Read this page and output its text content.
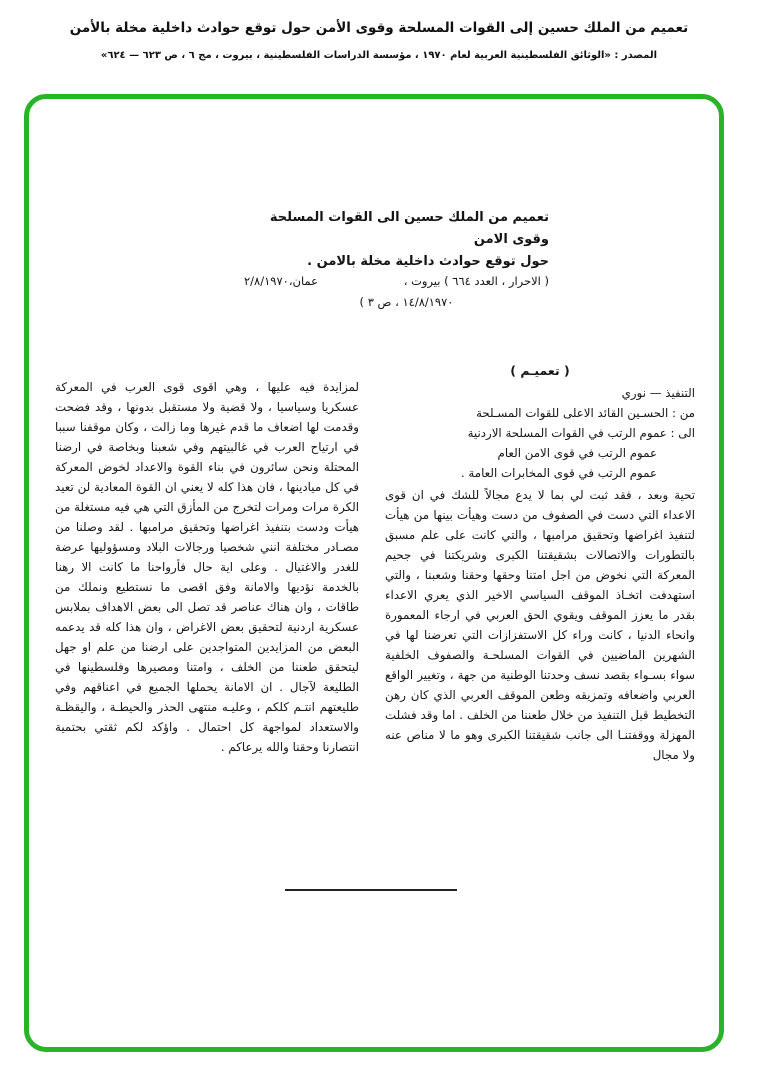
تعميم من الملك حسين إلى القوات المسلحة وقوى الأمن حول توقع حوادث داخلية مخلة بالأمن
المصدر : «الوثائق الفلسطينية العربية لعام ١٩٧٠ ، مؤسسة الدراسات الفلسطينية ، بيروت ، مج ٦ ، ص ٦٢٣ — ٦٢٤»
تعميم من الملك حسين الى القوات المسلحة وقوى الامن
حول توقع حوادث داخلية مخلة بالامن .
عمان،٢/٨/١٩٧٠	( الاحرار ، العدد ٦٦٤ ) بيروت ،
١٤/٨/١٩٧٠ ، ص ٣ )
( تعميـم )
التنفيذ — نوري
من : الحسـين القائد الاعلى للقوات المسـلحة
الى : عموم الرتب في القوات المسلحة الاردنية
عموم الرتب في قوى الامن العام
عموم الرتب في قوى المخابرات العامة .
تحية وبعد ، فقد ثبت لي بما لا يدع مجالاً للشك في ان قوى الاعداء التي دست في الصفوف من دست وهيأت بينها من هيأت لتنفيذ اغراضها وتحقيق مرامبها ، والتي كانت على علم مسبق بالتطورات والاتصالات بشقيقتنا الكبرى وشريكتنا في جحيم المعركة التي نخوض من اجل امتنا وحقها وحقنا وشعبنا ، والتي استهدفت اتخـاذ الموقف السياسي الاخير الذي يعري الاعداء بقدر ما يعزز الموقف ويقوي الحق العربي في ارجاء المعمورة وانحاء الدنيا ، كانت وراء كل الاستفزازات التي تعرضنا لها في الشهرين الماضيين في القوات المسلحـة والصفوف الخلفية سواء بسـواء بقصد نسف وحدتنا الوطنية من جهة ، وتغيير الواقع العربي واضعافه وتمزيقه وطعن الموقف العربي الذي كان رهن التخطيط قبل التنفيذ من خلال طعننا من الخلف . اما وقد فشلت المهزلة ووقفتنـا الى جانب شقيقتنا الكبرى وهو ما لا مناص عنه ولا مجال
لمزايدة فيه عليها ، وهي اقوى قوى العرب في المعركة عسكريا وسياسيا ، ولا قضية ولا مستقبل بدونها ، وقد فضحت وقدمت لها اضعاف ما قدم غيرها وما زالت ، وكان موقفنا سببا في ارتياح العرب في غالبيتهم وفي شعبنا وبخاصة في ارضنا المحتلة ونحن سائرون في بناء القوة والاعداد لخوض المعركة في كل ميادينها ، فان هذا كله لا يعني ان القوة المعادية لن تعيد الكرة مرات ومرات لتخرج من المأزق التي هي فيه مستغلة من هيأت ودست بتنفيذ اغراضها وتحقيق مرامبها . لقد وصلنا من مصـادر مختلفة انني شخصيا ورجالات البلاد ومسؤوليها عرضة للغدر والاغتيال . وعلى اية حال فأرواحنا ما كانت الا رهنا بالخدمة نؤديها والامانة وفق اقصى ما نستطيع ونملك من طاقات ، وان هناك عناصر قد تصل الى بعض الاهداف بملابس عسكرية اردنية لتحقيق بعض الاغراض ، وان هذا كله قد يدعمه البعض من المزايدين المتواجدين على ارضنا من علم او جهل ليتحقق طعننا من الخلف ، وامتنا ومصيرها وفلسطينها في الطليعة لآجال . ان الامانة يحملها الجميع في اعناقهم وفي طليعتهم انتـم كلكم ، وعليـه منتهى الحذر والحيطـة ، واليقظـة والاستعداد لمواجهة كل احتمال . واؤكد لكم ثقتي بحتمية انتصارنا وحقنا والله يرعاكم .
